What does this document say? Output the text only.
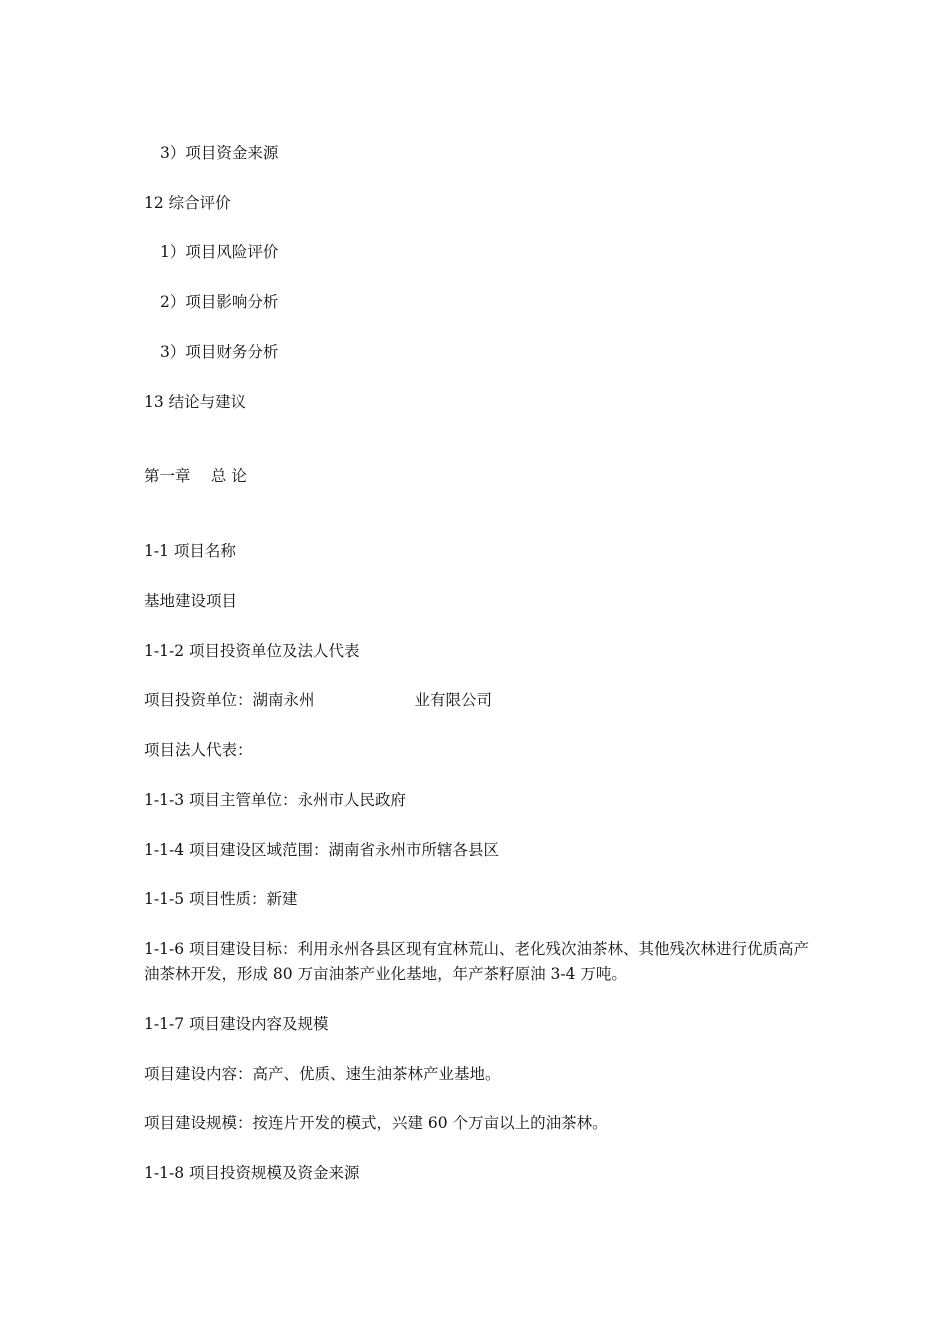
3）项目资金来源

12 综合评价

1）项目风险评价

2）项目影响分析

3）项目财务分析

13 结论与建议

第一章　 总 论

1-1 项目名称

基地建设项目

1-1-2 项目投资单位及法人代表

项目投资单位：湖南永州	业有限公司

项目法人代表：

1-1-3 项目主管单位：永州市人民政府

1-1-4 项目建设区域范围：湖南省永州市所辖各县区

1-1-5 项目性质：新建

1-1-6 项目建设目标：利用永州各县区现有宜林荒山、老化残次油茶林、其他残次林进行优质高产油茶林开发，形成 80 万亩油茶产业化基地，年产茶籽原油 3-4 万吨。

1-1-7 项目建设内容及规模

项目建设内容：高产、优质、速生油茶林产业基地。

项目建设规模：按连片开发的模式，兴建 60 个万亩以上的油茶林。

1-1-8 项目投资规模及资金来源
